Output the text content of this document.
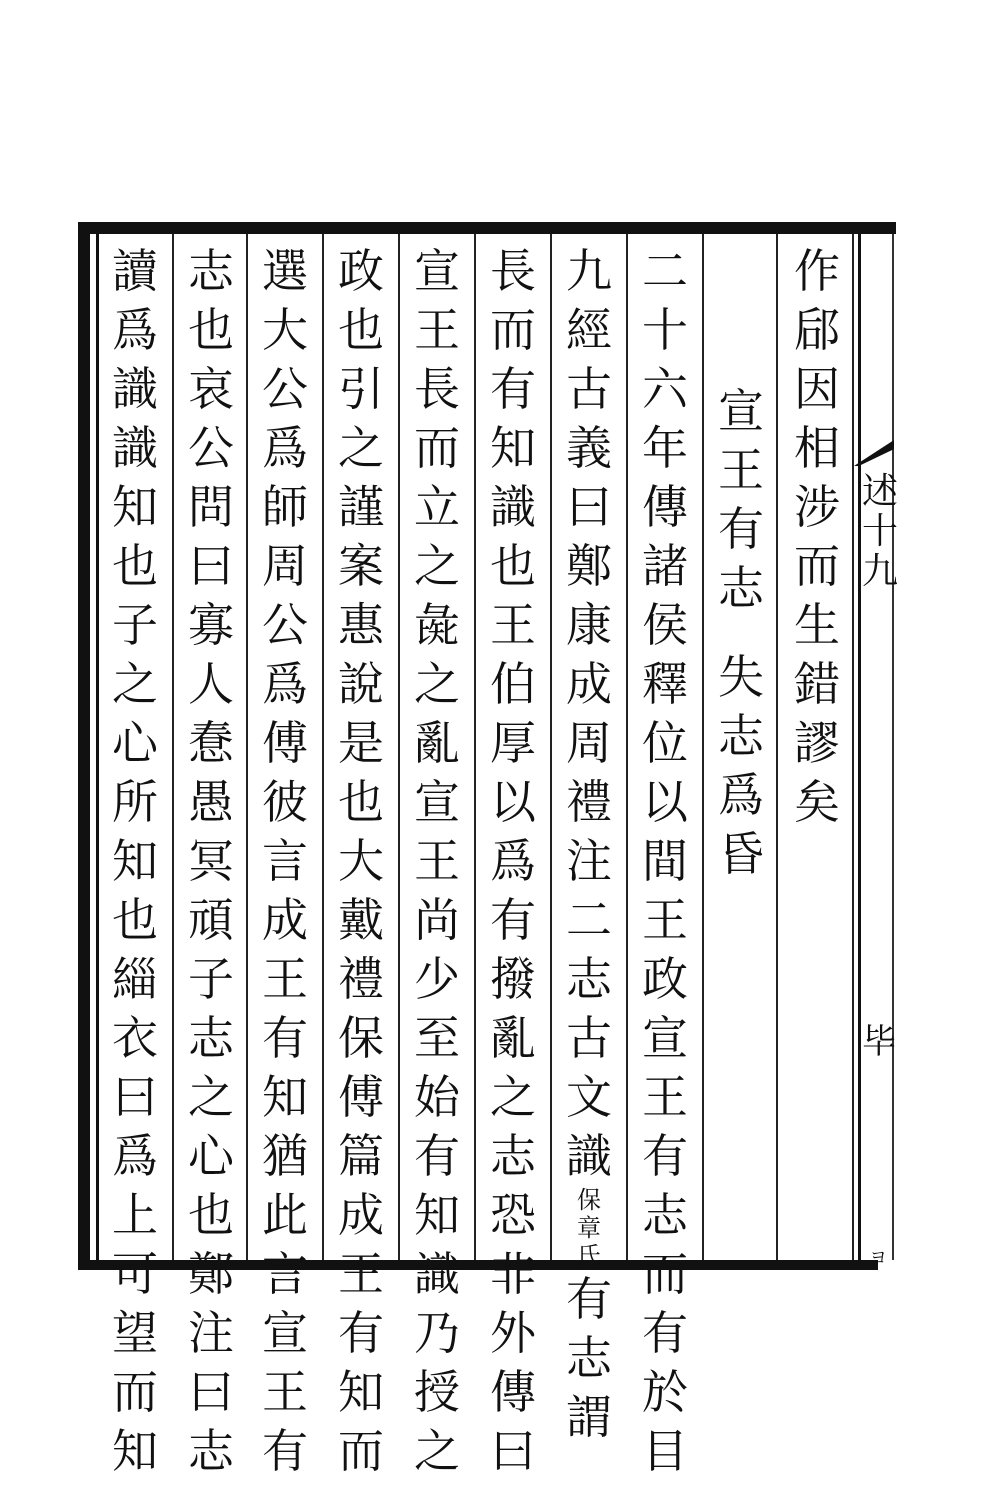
述
十
九
毕
ヨ
作
郈
因
相
涉
而
生
錯
謬
矣
宣
王
有
志
失
志
爲
昏
二
十
六
年
傳
諸
侯
釋
位
以
間
王
政
宣
王
有
志
而
有
於
目
九
經
古
義
曰
鄭
康
成
周
禮
注
二
志
古
文
識
保
章
氏
有
志
謂
長
而
有
知
識
也
王
伯
厚
以
爲
有
撥
亂
之
志
恐
非
外
傳
曰
宣
王
長
而
立
之
彘
之
亂
宣
王
尚
少
至
始
有
知
識
乃
授
之
政
也
引
之
謹
案
惠
說
是
也
大
戴
禮
保
傅
篇
成
王
有
知
而
選
大
公
爲
師
周
公
爲
傅
彼
言
成
王
有
知
猶
此
言
宣
王
有
志
也
哀
公
問
曰
寡
人
惷
愚
冥
頑
子
志
之
心
也
鄭
注
曰
志
讀
爲
識
識
知
也
子
之
心
所
知
也
緇
衣
曰
爲
上
可
望
而
知
